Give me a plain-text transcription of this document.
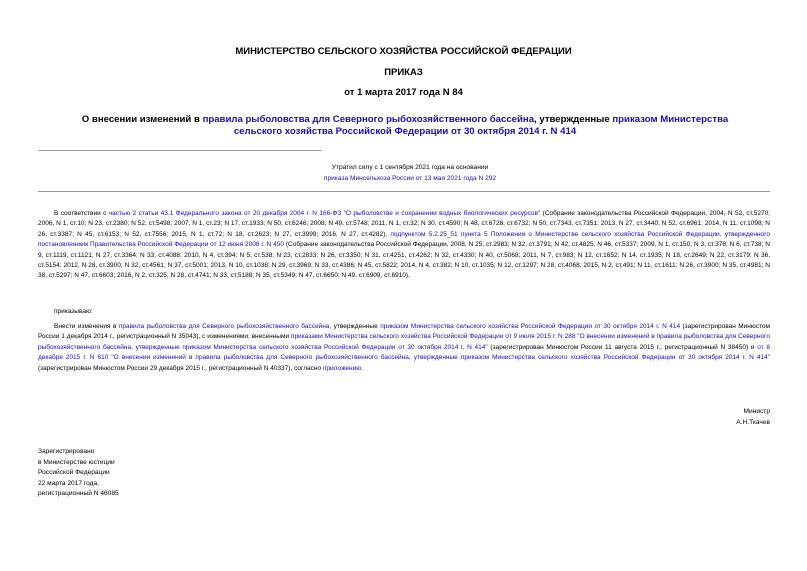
МИНИСТЕРСТВО СЕЛЬСКОГО ХОЗЯЙСТВА РОССИЙСКОЙ ФЕДЕРАЦИИ
ПРИКАЗ
от 1 марта 2017 года N 84
О внесении изменений в правила рыболовства для Северного рыбохозяйственного бассейна, утвержденные приказом Министерства сельского хозяйства Российской Федерации от 30 октября 2014 г. N 414
Утратил силу с 1 сентября 2021 года на основании
приказа Минсельхоза России от 13 мая 2021 года N 292
В соответствии с частью 2 статьи 43.1 Федерального закона от 20 декабря 2004 г. N 166-ФЗ "О рыболовстве и сохранении водных биологических ресурсов" (Собрание законодательства Российской Федерации, 2004, N 52, ст.5270; 2006, N 1, ст.10; N 23, ст.2380; N 52, ст.5498; 2007, N 1, ст.23; N 17, ст.1933; N 50, ст.6246; 2008, N 49, ст.5748; 2011, N 1, ст.32; N 30, ст.4590; N 48, ст.6728, ст.6732; N 50, ст.7343, ст.7351; 2013, N 27, ст.3440; N 52, ст.6961; 2014, N 11, ст.1098; N 26, ст.3387; N 45, ст.6153; N 52, ст.7556; 2015, N 1, ст.72; N 18, ст.2623; N 27, ст.3999; 2016, N 27, ст.4282), подпунктом 5.2.25_51 пункта 5 Положения о Министерстве сельского хозяйства Российской Федерации, утвержденного постановлением Правительства Российской Федерации от 12 июня 2008 г. N 450 (Собрание законодательства Российской Федерации, 2008, N 25, ст.2983; N 32, ст.3791; N 42, ст.4825; N 46, ст.5337; 2009, N 1, ст.150; N 3, ст.378; N 6, ст.738; N 9, ст.1119, ст.1121; N 27, ст.3364; N 33, ст.4088; 2010, N 4, ст.394; N 5, ст.538; N 23, ст.2833; N 26, ст.3350; N 31, ст.4251, ст.4262; N 32, ст.4330; N 40, ст.5068; 2011, N 7, ст.983; N 12, ст.1652; N 14, ст.1935; N 18, ст.2649; N 22, ст.3179; N 36, ст.5154; 2012, N 28, ст.3900; N 32, ст.4561; N 37, ст.5001; 2013, N 10, ст.1038; N 29, ст.3969; N 33, ст.4386; N 45, ст.5822; 2014, N 4, ст.382; N 10, ст.1035; N 12, ст.1297; N 28, ст.4068; 2015, N 2, ст.491; N 11, ст.1611; N 26, ст.3900; N 35, ст.4981; N 38, ст.5297; N 47, ст.6603; 2016, N 2, ст.325; N 28, ст.4741; N 33, ст.5188; N 35, ст.5349; N 47, ст.6650; N 49, ст.6909, ст.6910),
приказываю:
Внести изменения в правила рыболовства для Северного рыбохозяйственного бассейна, утвержденные приказом Министерства сельского хозяйства Российской Федерации от 30 октября 2014 г. N 414 (зарегистрирован Минюстом России 1 декабря 2014 г., регистрационный N 35043), с изменениями, внесенными приказами Министерства сельского хозяйства Российской Федерации от 9 июля 2015 г. N 288 "О внесении изменений в правила рыболовства для Северного рыбохозяйственного бассейна, утвержденные приказом Министерства сельского хозяйства Российской Федерации от 30 октября 2014 г. N 414" (зарегистрирован Минюстом России 11 августа 2015 г., регистрационный N 38450) и от 8 декабря 2015 г. N 610 "О внесении изменений в правила рыболовства для Северного рыбохозяйственного бассейна, утвержденные приказом Министерства сельского хозяйства Российской Федерации от 30 октября 2014 г. N 414" (зарегистрирован Минюстом России 29 декабря 2015 г., регистрационный N 40337), согласно приложению.
Министр
А.Н.Ткачев
Зарегистрировано
в Министерстве юстиции
Российской Федерации
22 марта 2017 года,
регистрационный N 46085
